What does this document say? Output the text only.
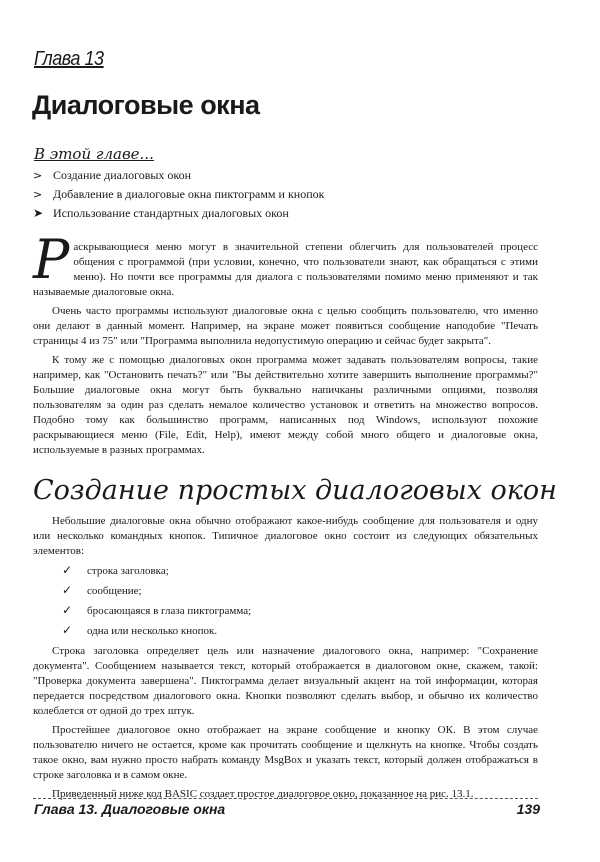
Глава 13
Диалоговые окна
В этой главе...
> Создание диалоговых окон
> Добавление в диалоговые окна пиктограмм и кнопок
➤ Использование стандартных диалоговых окон

Раскрывающиеся меню могут в значительной степени облегчить для пользователей процесс общения с программой (при условии, конечно, что пользователи знают, как обращаться с этими меню). Но почти все программы для диалога с пользователями помимо меню применяют и так называемые диалоговые окна.

Очень часто программы используют диалоговые окна с целью сообщить пользователю, что именно они делают в данный момент. Например, на экране может появиться сообщение наподобие "Печать страницы 4 из 75" или "Программа выполнила недопустимую операцию и сейчас будет закрыта".

К тому же с помощью диалоговых окон программа может задавать пользователям вопросы, такие например, как "Остановить печать?" или "Вы действительно хотите завершить выполнение программы?" Большие диалоговые окна могут быть буквально напичканы различными опциями, позволяя пользователям за один раз сделать немалое количество установок и ответить на множество вопросов. Подобно тому как большинство программ, написанных под Windows, используют похожие раскрывающиеся меню (File, Edit, Help), имеют между собой много общего и диалоговые окна, используемые в разных программах.

Создание простых диалоговых окон

Небольшие диалоговые окна обычно отображают какое-нибудь сообщение для пользователя и одну или несколько командных кнопок. Типичное диалоговое окно состоит из следующих обязательных элементов:

✓ строка заголовка;
✓ сообщение;
✓ бросающаяся в глаза пиктограмма;
✓ одна или несколько кнопок.

Строка заголовка определяет цель или назначение диалогового окна, например: "Сохранение документа". Сообщением называется текст, который отображается в диалоговом окне, скажем, такой: "Проверка документа завершена". Пиктограмма делает визуальный акцент на той информации, которая передается посредством диалогового окна. Кнопки позволяют сделать выбор, и обычно их количество колеблется от одной до трех штук.

Простейшее диалоговое окно отображает на экране сообщение и кнопку ОК. В этом случае пользователю ничего не остается, кроме как прочитать сообщение и щелкнуть на кнопке. Чтобы создать такое окно, вам нужно просто набрать команду MsgBox и указать текст, который должен отображаться в строке заголовка и в самом окне.

Приведенный ниже код BASIC создает простое диалоговое окно, показанное на рис. 13.1.

Глава 13. Диалоговые окна	139
